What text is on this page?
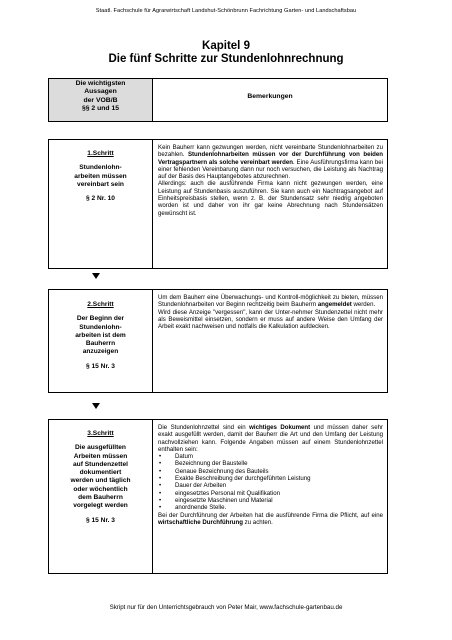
Staatl. Fachschule für Agrarwirtschaft Landshut-Schönbrunn Fachrichtung Garten- und Landschaftsbau
Kapitel 9
Die fünf Schritte zur Stundenlohnrechnung
Die wichtigsten
Aussagen
der VOB/B
§§ 2 und 15
Bemerkungen
1.Schritt
Stundenlohn-
arbeiten müssen
vereinbart sein
§ 2 Nr. 10
Kein Bauherr kann gezwungen werden, nicht vereinbarte Stundenlohnarbeiten zu bezahlen. Stundenlohnarbeiten müssen vor der Durchführung von beiden Vertragspartnern als solche vereinbart werden. Eine Ausführungsfirma kann bei einer fehlenden Vereinbarung dann nur noch versuchen, die Leistung als Nachtrag auf der Basis des Hauptangebotes abzurechnen.
Allerdings: auch die ausführende Firma kann nicht gezwungen werden, eine Leistung auf Stundenbasis auszuführen. Sie kann auch ein Nachtragsangebot auf Einheitspreisbasis stellen, wenn z. B. der Stundensatz sehr niedrig angeboten worden ist und daher von ihr gar keine Abrechnung nach Stundensätzen gewünscht ist.
2.Schritt
Der Beginn der
Stundenlohn-
arbeiten ist dem
Bauherrn
anzuzeigen
§ 15 Nr. 3
Um dem Bauherr eine Überwachungs- und Kontroll-möglichkeit zu bieten, müssen Stundenlohnarbeiten vor Beginn rechtzeitig beim Bauherrn angemeldet werden.
Wird diese Anzeige "vergessen", kann der Unter-nehmer Stundenzettel nicht mehr als Beweismittel einsetzen, sondern er muss auf andere Weise den Umfang der Arbeit exakt nachweisen und notfalls die Kalkulation aufdecken.
3.Schritt
Die ausgefüllten
Arbeiten müssen
auf Stundenzettel
dokumentiert
werden und täglich
oder wöchentlich
dem Bauherrn
vorgelegt werden
§ 15 Nr. 3
Die Stundenlohnzettel sind ein wichtiges Dokument und müssen daher sehr exakt ausgefüllt werden, damit der Bauherr die Art und den Umfang der Leistung nachvollziehen kann. Folgende Angaben müssen auf einem Stundenlohnzettel enthalten sein:
• Datum
• Bezeichnung der Baustelle
• Genaue Bezeichnung des Bauteils
• Exakte Beschreibung der durchgeführten Leistung
• Dauer der Arbeiten
• eingesetztes Personal mit Qualifikation
• eingesetzte Maschinen und Material
• anordnende Stelle.
Bei der Durchführung der Arbeiten hat die ausführende Firma die Pflicht, auf eine wirtschaftliche Durchführung zu achten.
Skript nur für den Unterrichtsgebrauch von Peter Mair, www.fachschule-gartenbau.de
